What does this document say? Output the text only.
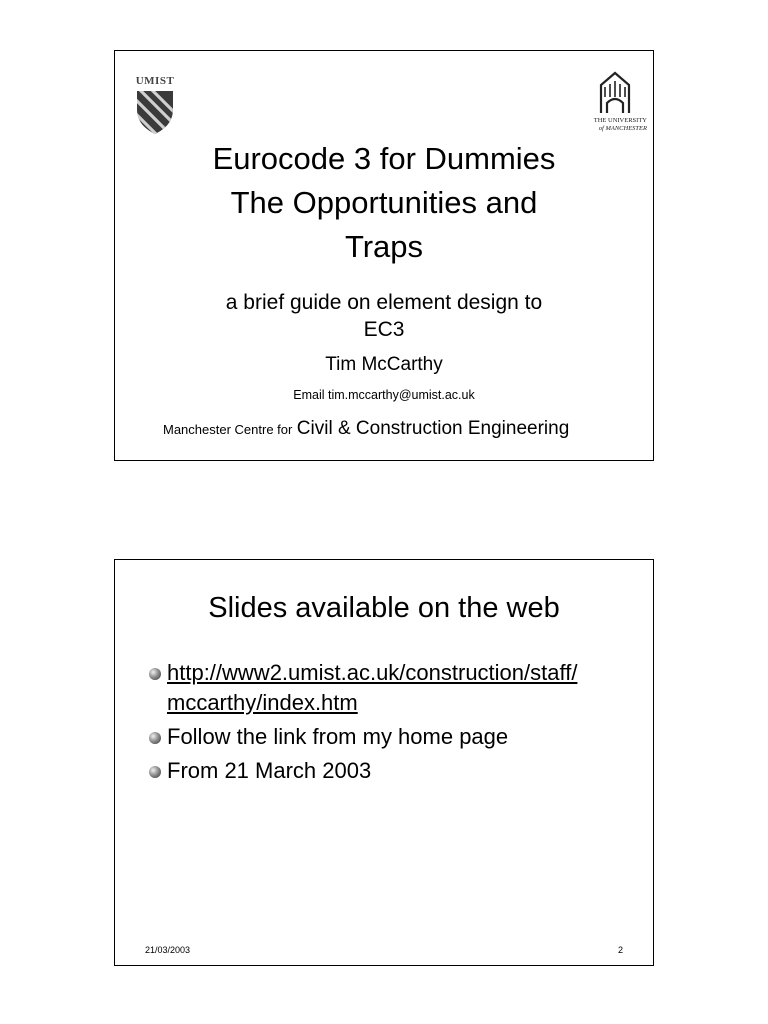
UMIST
THE UNIVERSITY
of MANCHESTER
Eurocode 3 for Dummies
The Opportunities and
Traps
a brief guide on element design to
EC3
Tim McCarthy
Email tim.mccarthy@umist.ac.uk
Manchester Centre for Civil & Construction Engineering
Slides available on the web
http://www2.umist.ac.uk/construction/staff/ mccarthy/index.htm
Follow the link from my home page
From 21 March 2003
21/03/2003	2
